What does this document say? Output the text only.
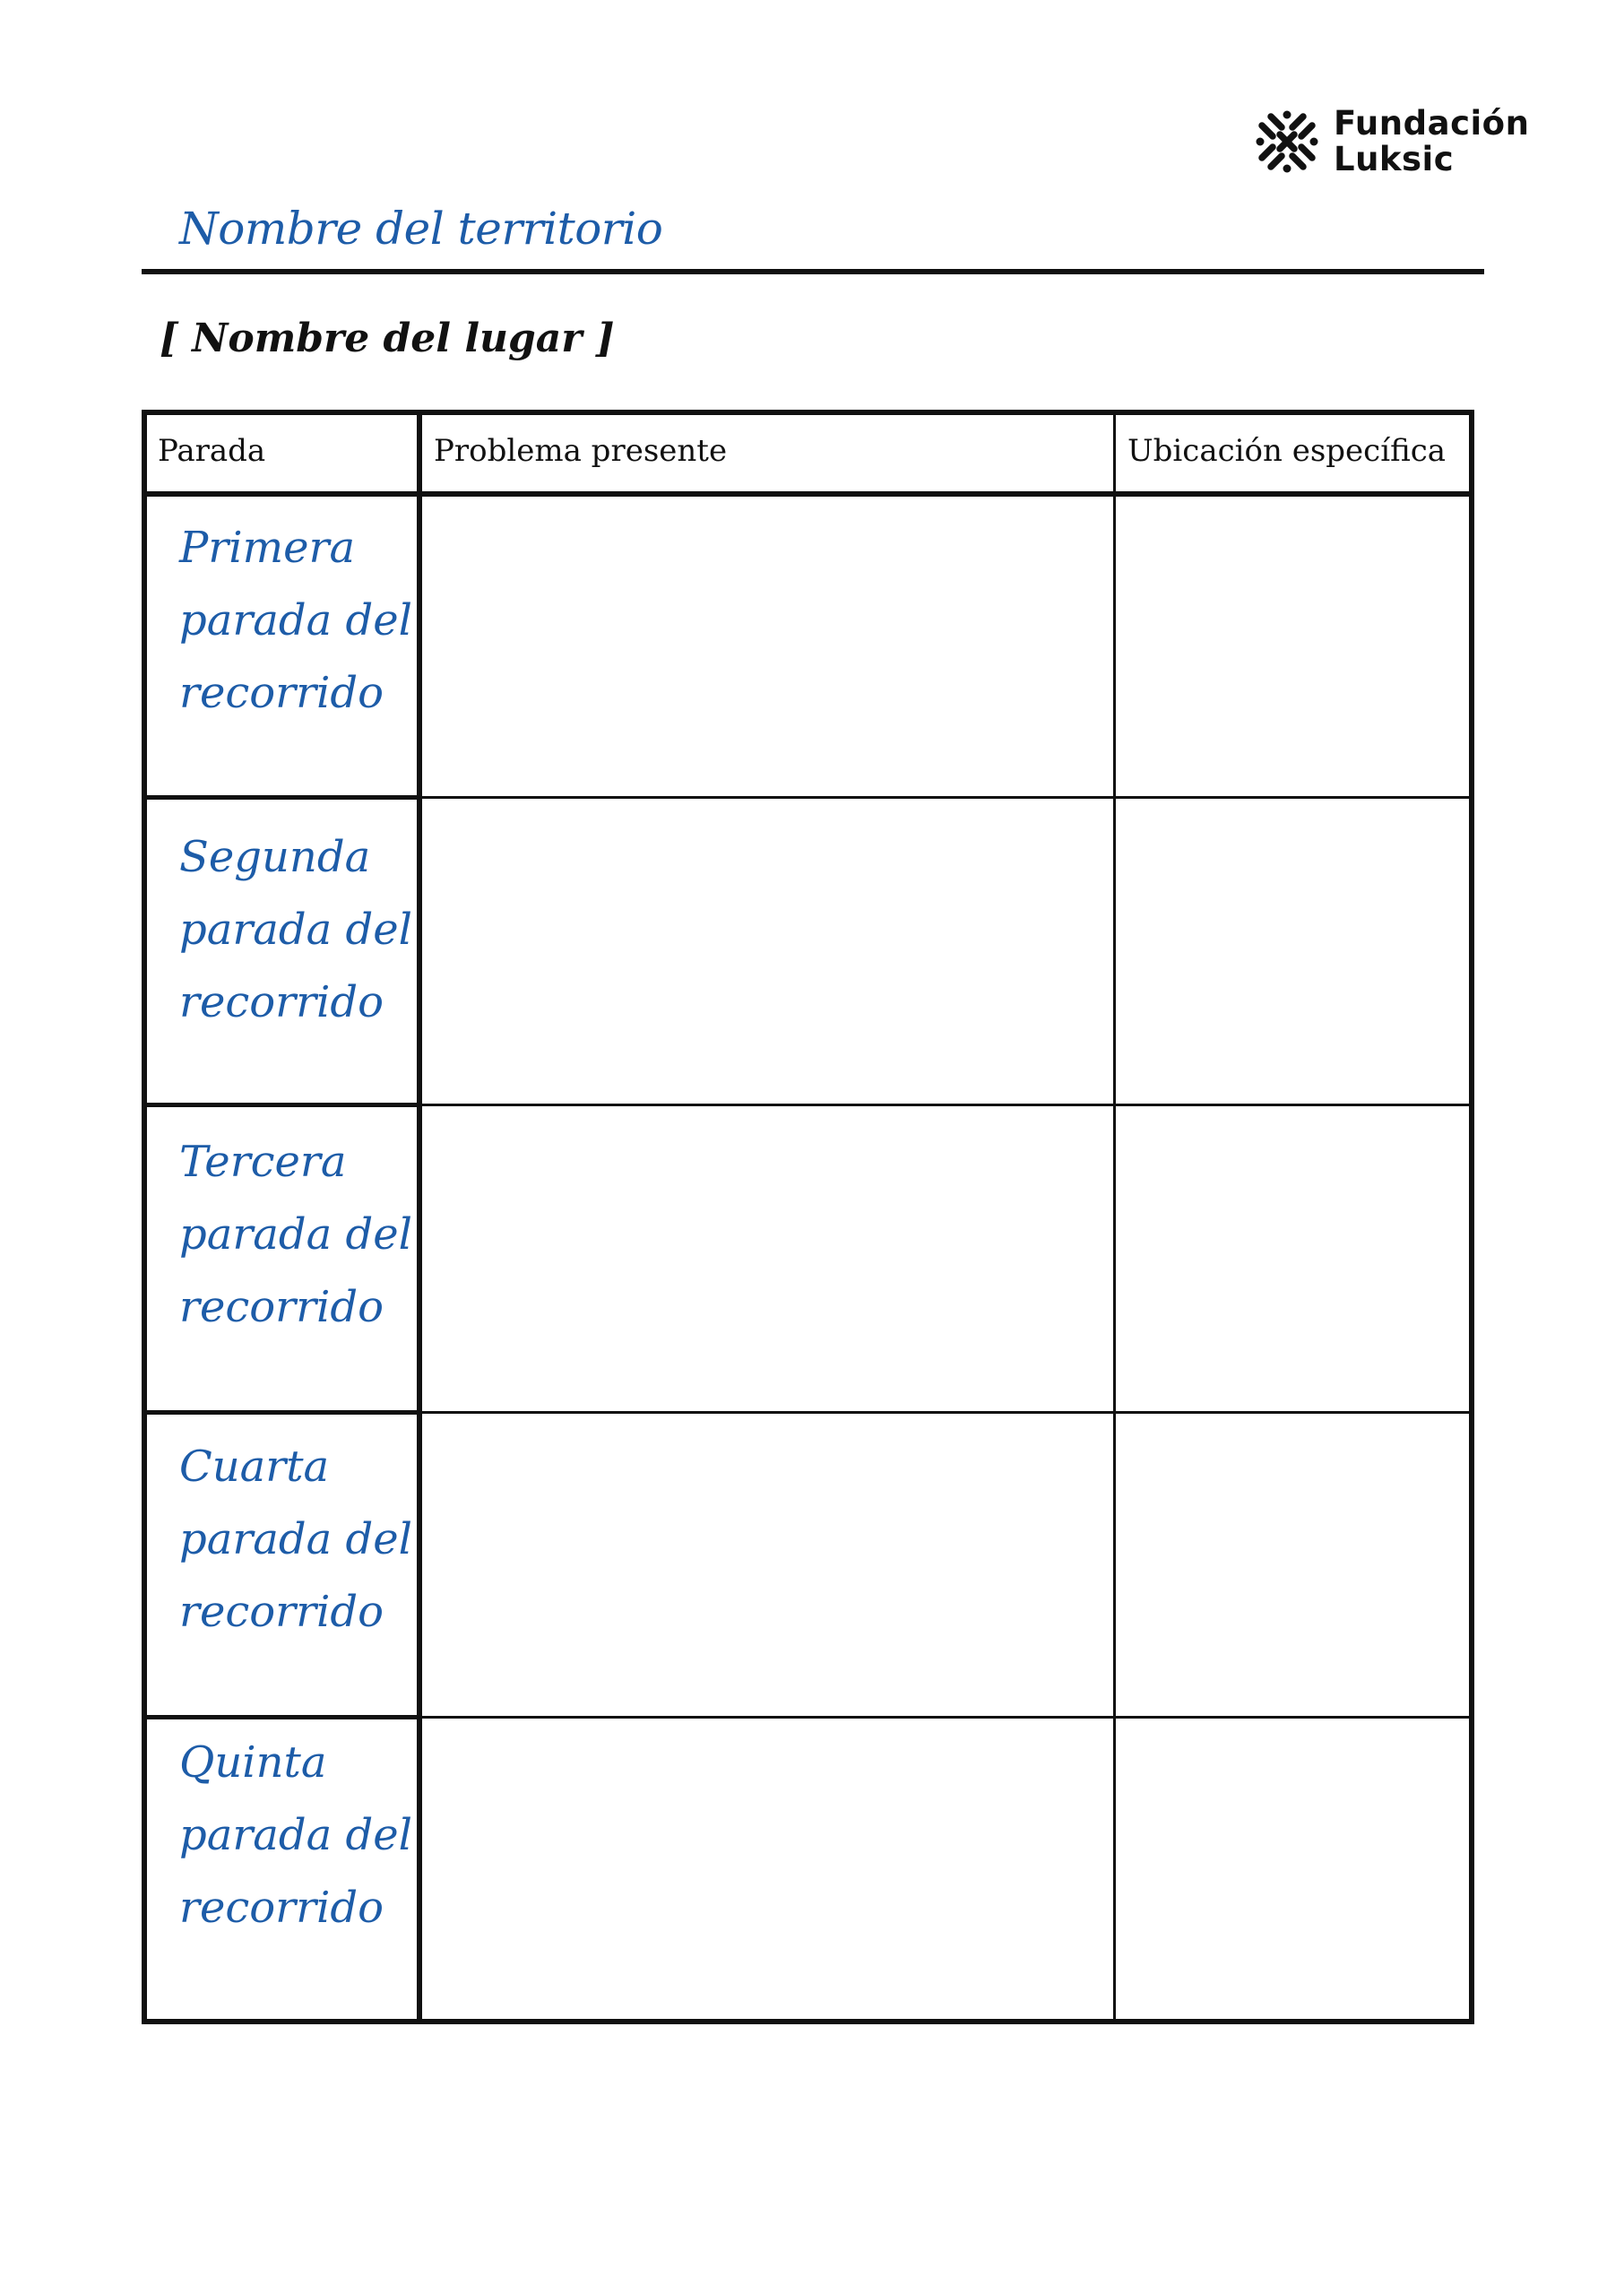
Fundación
Luksic
Nombre del territorio
[ Nombre del lugar ]
Parada	Problema presente	Ubicación específica
Primera
parada del
recorrido
Segunda
parada del
recorrido
Tercera
parada del
recorrido
Cuarta
parada del
recorrido
Quinta
parada del
recorrido
